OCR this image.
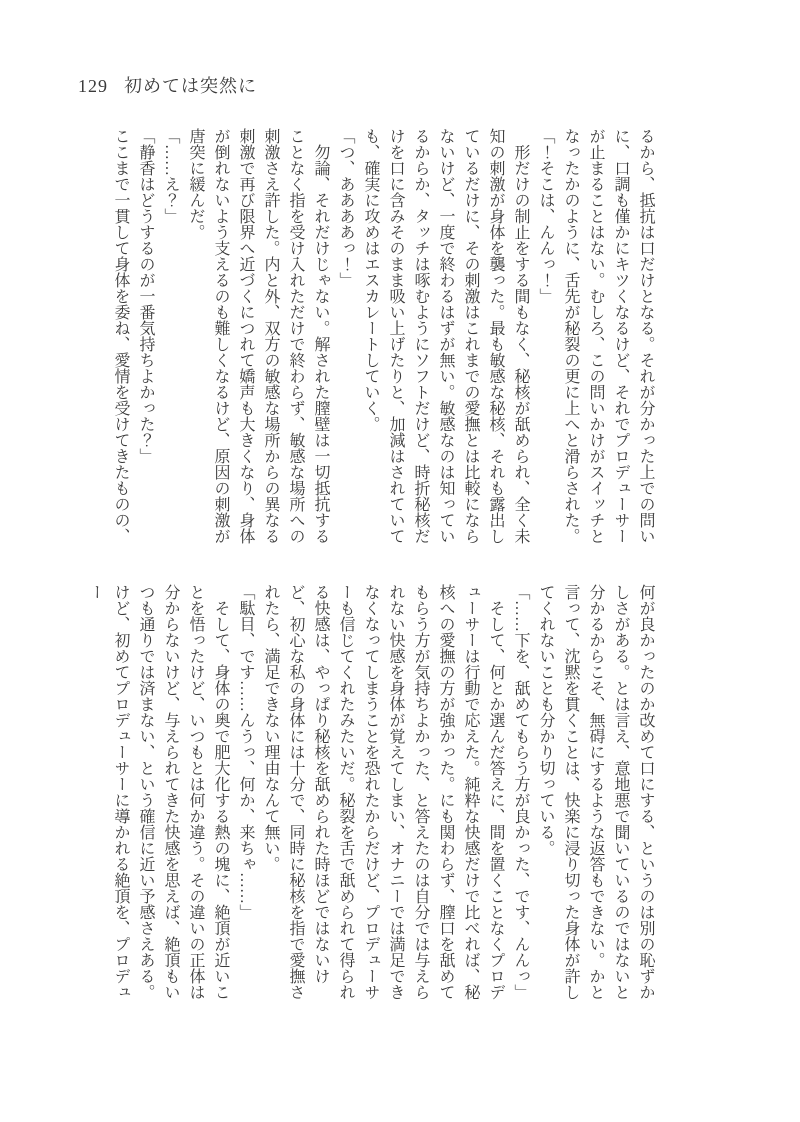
129 初めては突然に

るから、抵抗は口だけとなる。それが分かった上での問いに、口調も僅かにキツくなるけど、それでプロデューサーが止まることはない。むしろ、この問いかけがスイッチとなったかのように、舌先が秘裂の更に上へと滑らされた。

「！そこは、んんっ！」

形だけの制止をする間もなく、秘核が舐められ、全く未知の刺激が身体を襲った。最も敏感な秘核、それも露出しているだけに、その刺激はこれまでの愛撫とは比較にならないけど、一度で終わるはずが無い。敏感なのは知っているからか、タッチは啄むようにソフトだけど、時折秘核だけを口に含みそのまま吸い上げたりと、加減はされていても、確実に攻めはエスカレートしていく。

「つ、ああああっ！」

勿論、それだけじゃない。解された膣壁は一切抵抗することなく指を受け入れただけで終わらず、敏感な場所への刺激さえ許した。内と外、双方の敏感な場所からの異なる刺激で再び限界へ近づくにつれて嬌声も大きくなり、身体が倒れないよう支えるのも難しくなるけど、原因の刺激が唐突に緩んだ。

「……え？」

「静香はどうするのが一番気持ちよかった？」

ここまで一貫して身体を委ね、愛情を受けてきたものの、

何が良かったのか改めて口にする、というのは別の恥ずかしさがある。とは言え、意地悪で聞いているのではないと分かるからこそ、無碍にするような返答もできない。かと言って、沈黙を貫くことは、快楽に浸り切った身体が許してくれないことも分かり切っている。

「……下を、舐めてもらう方が良かった、です、んんっ」

そして、何とか選んだ答えに、間を置くことなくプロデューサーは行動で応えた。純粋な快感だけで比べれば、秘核への愛撫の方が強かった。にも関わらず、膣口を舐めてもらう方が気持ちよかった、と答えたのは自分では与えられない快感を身体が覚えてしまい、オナニーでは満足できなくなってしまうことを恐れたからだけど、プロデューサーも信じてくれたみたいだ。秘裂を舌で舐められて得られる快感は、やっぱり秘核を舐められた時ほどではないけど、初心な私の身体には十分で、同時に秘核を指で愛撫されたら、満足できない理由なんて無い。

「駄目、です……んうっ、何か、来ちゃ……」

そして、身体の奥で肥大化する熱の塊に、絶頂が近いことを悟ったけど、いつもとは何か違う。その違いの正体は分からないけど、与えられてきた快感を思えば、絶頂もいつも通りでは済まない、という確信に近い予感さえある。けど、初めてプロデューサーに導かれる絶頂を、プロデュー
